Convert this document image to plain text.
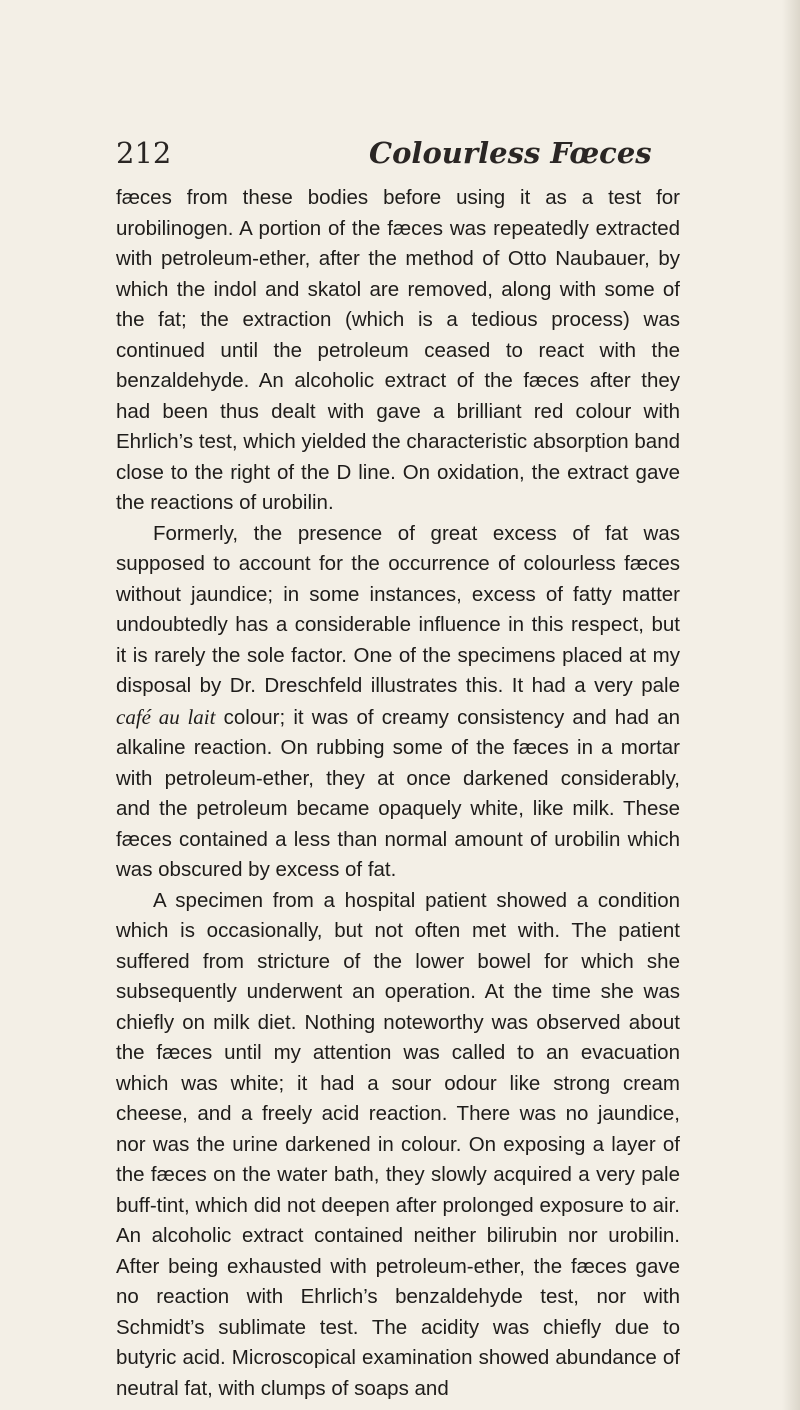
212	Colourless Fœces

fæces from these bodies before using it as a test for urobilinogen. A portion of the fæces was repeatedly extracted with petroleum-ether, after the method of Otto Naubauer, by which the indol and skatol are removed, along with some of the fat; the extraction (which is a tedious process) was continued until the petroleum ceased to react with the benzaldehyde. An alcoholic extract of the fæces after they had been thus dealt with gave a brilliant red colour with Ehrlich’s test, which yielded the characteristic absorption band close to the right of the D line. On oxidation, the extract gave the reactions of urobilin.

Formerly, the presence of great excess of fat was supposed to account for the occurrence of colourless fæces without jaundice; in some instances, excess of fatty matter undoubtedly has a considerable influence in this respect, but it is rarely the sole factor. One of the specimens placed at my disposal by Dr. Dreschfeld illustrates this. It had a very pale café au lait colour; it was of creamy consistency and had an alkaline reaction. On rubbing some of the fæces in a mortar with petroleum-ether, they at once darkened considerably, and the petroleum became opaquely white, like milk. These fæces contained a less than normal amount of urobilin which was obscured by excess of fat.

A specimen from a hospital patient showed a condition which is occasionally, but not often met with. The patient suffered from stricture of the lower bowel for which she subsequently underwent an operation. At the time she was chiefly on milk diet. Nothing noteworthy was observed about the fæces until my attention was called to an evacuation which was white; it had a sour odour like strong cream cheese, and a freely acid reaction. There was no jaundice, nor was the urine darkened in colour. On exposing a layer of the fæces on the water bath, they slowly acquired a very pale buff-tint, which did not deepen after prolonged exposure to air. An alcoholic extract contained neither bilirubin nor urobilin. After being exhausted with petroleum-ether, the fæces gave no reaction with Ehrlich’s benzaldehyde test, nor with Schmidt’s sublimate test. The acidity was chiefly due to butyric acid. Microscopical examination showed abundance of neutral fat, with clumps of soaps and
